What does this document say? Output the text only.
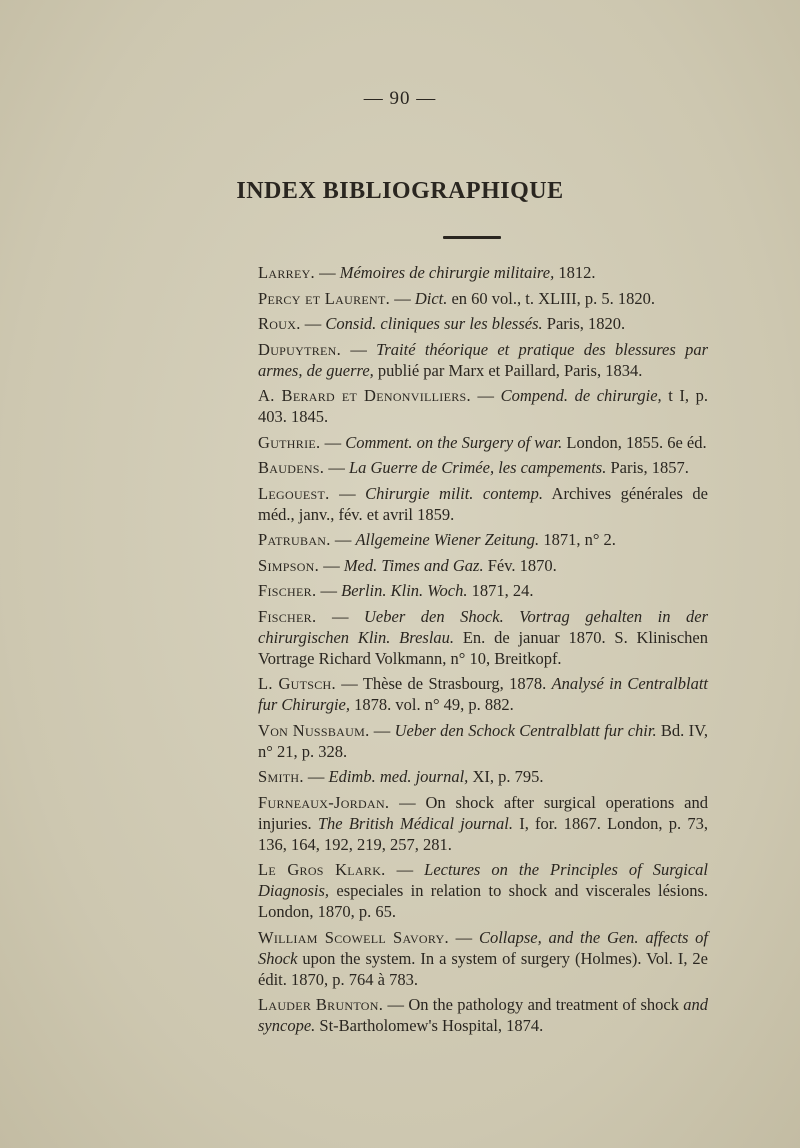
— 90 —
INDEX BIBLIOGRAPHIQUE

Larrey. — Mémoires de chirurgie militaire, 1812.

Percy et Laurent. — Dict. en 60 vol., t. XLIII, p. 5. 1820.

Roux. — Consid. cliniques sur les blessés. Paris, 1820.

Dupuytren. — Traité théorique et pratique des blessures par armes, de guerre, publié par Marx et Paillard, Paris, 1834.

A. Berard et Denonvilliers. — Compend. de chirurgie, t I, p. 403. 1845.

Guthrie. — Comment. on the Surgery of war. London, 1855. 6e éd.

Baudens. — La Guerre de Crimée, les campements. Paris, 1857.

Legouest. — Chirurgie milit. contemp. Archives générales de méd., janv., fév. et avril 1859.

Patruban. — Allgemeine Wiener Zeitung. 1871, n° 2.

Simpson. — Med. Times and Gaz. Fév. 1870.

Fischer. — Berlin. Klin. Woch. 1871, 24.

Fischer. — Ueber den Shock. Vortrag gehalten in der chirurgischen Klin. Breslau. En. de januar 1870. S. Klinischen Vortrage Richard Volkmann, n° 10, Breitkopf.

L. Gutsch. — Thèse de Strasbourg, 1878. Analysé in Centralblatt fur Chirurgie, 1878. vol. n° 49, p. 882.

Von Nussbaum. — Ueber den Schock Centralblatt fur chir. Bd. IV, n° 21, p. 328.

Smith. — Edimb. med. journal, XI, p. 795.

Furneaux-Jordan. — On shock after surgical operations and injuries. The British Médical journal. I, for. 1867. London, p. 73, 136, 164, 192, 219, 257, 281.

Le Gros Klark. — Lectures on the Principles of Surgical Diagnosis, especiales in relation to shock and viscerales lésions. London, 1870, p. 65.

William Scowell Savory. — Collapse, and the Gen. affects of Shock upon the system. In a system of surgery (Holmes). Vol. I, 2e édit. 1870, p. 764 à 783.

Lauder Brunton. — On the pathology and treatment of shock and syncope. St-Bartholomew's Hospital, 1874.
